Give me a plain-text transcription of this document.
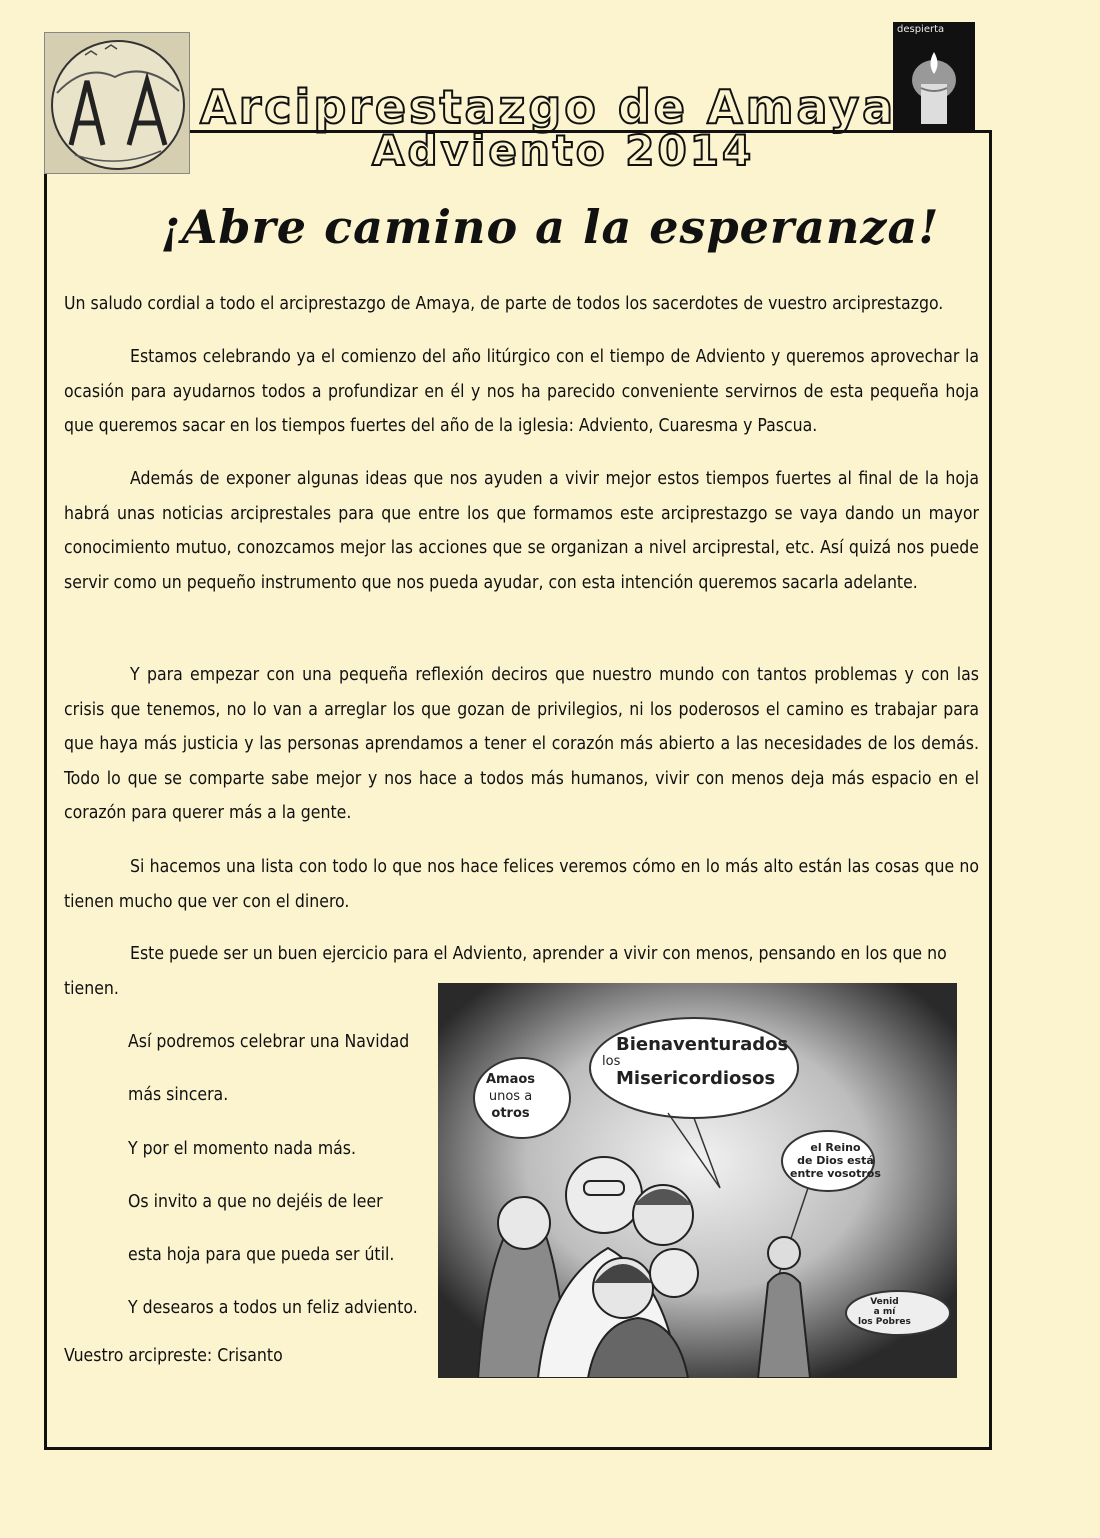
despierta
Arciprestazgo de Amaya
Adviento 2014
¡Abre camino a la esperanza!
Un saludo cordial a todo el arciprestazgo de Amaya, de parte de todos los sacerdotes de vuestro arciprestazgo.
Estamos celebrando ya el comienzo del año litúrgico con el tiempo de Adviento y queremos aprovechar la ocasión para ayudarnos todos a profundizar en él y nos ha parecido conveniente servirnos de esta pequeña hoja que queremos sacar en los tiempos fuertes del año de la iglesia: Adviento, Cuaresma y Pascua.
Además de exponer algunas ideas que nos ayuden a vivir mejor estos tiempos fuertes al final de la hoja habrá unas noticias arciprestales para que entre los que formamos este arciprestazgo se vaya dando un mayor conocimiento mutuo, conozcamos mejor las acciones que se organizan a nivel arciprestal, etc. Así quizá nos puede servir como un pequeño instrumento que nos pueda ayudar, con esta intención queremos sacarla adelante.
Y para empezar con una pequeña reflexión deciros que nuestro mundo con tantos problemas y con las crisis que tenemos, no lo van a arreglar los que gozan de privilegios, ni los poderosos el camino es trabajar para que haya más justicia y las personas aprendamos a tener el corazón más abierto a las necesidades de los demás. Todo lo que se comparte sabe mejor y nos hace a todos más humanos, vivir con menos deja más espacio en el corazón para querer más a la gente.
Si hacemos una lista con todo lo que nos hace felices veremos cómo en lo más alto están las cosas que no tienen mucho que ver con el dinero.
Este puede ser un buen ejercicio para el Adviento, aprender a vivir con menos, pensando en los que no tienen.
Así podremos celebrar una Navidad
más sincera.
Y por el momento nada más.
Os invito a que no dejéis de leer
esta hoja para que pueda ser útil.
Y desearos a todos un feliz adviento.
Vuestro arcipreste: Crisanto
Amaos
unos a
otros
Bienaventurados
los
Misericordiosos
el Reino
de Dios está
entre vosotros
Venid
a mí
los Pobres
